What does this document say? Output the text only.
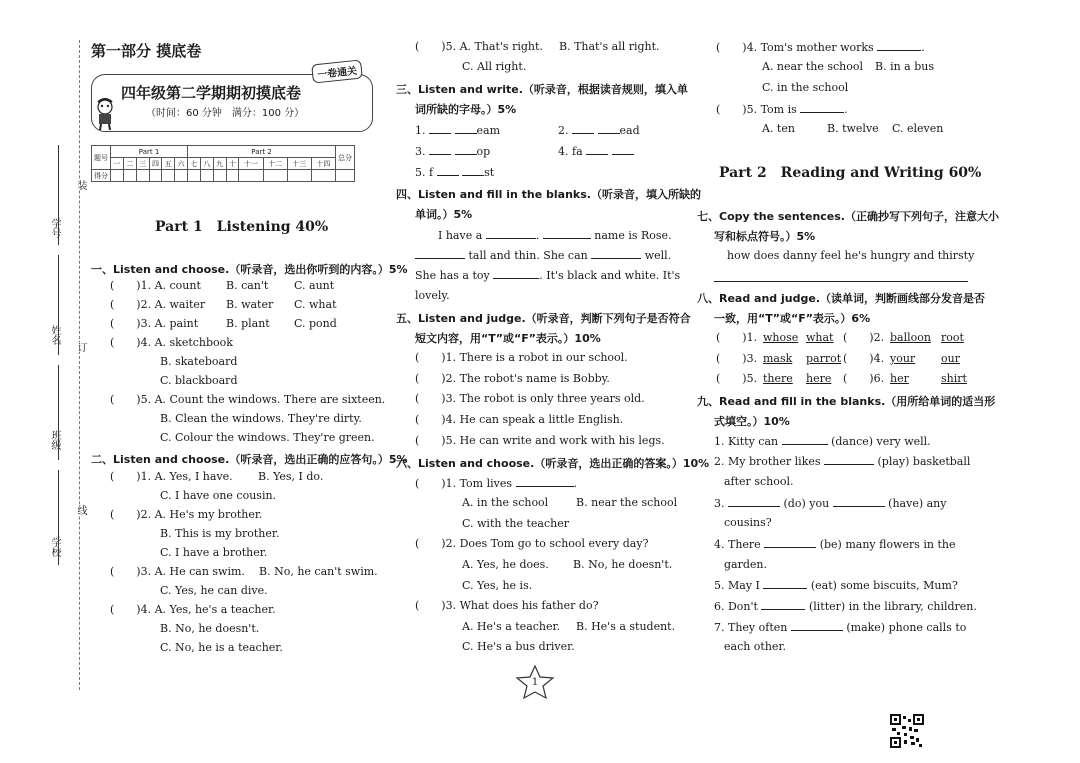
学号
姓名
班级
学校
装
订
线
第一部分 摸底卷
一卷通关
四年级第二学期期初摸底卷
（时间：60 分钟　满分：100 分）
题号	Part 1						Part 2								总分
	一	二	三	四	五	六	七	八	九	十	十一	十二	十三	十四	
得分															
Part 1　Listening 40%
一、Listen and choose.（听录音，选出你听到的内容。）5%
(　　)1. A. count B. can't C. aunt
(　　)2. A. waiter B. water C. what
(　　)3. A. paint	B. plant C. pond
(　　)4. A. sketchbook
B. skateboard
C. blackboard
(　　)5. A. Count the windows. There are sixteen.
B. Clean the windows. They're dirty.
C. Colour the windows. They're green.
二、Listen and choose.（听录音，选出正确的应答句。）5%
(　　)1. A. Yes, I have. B. Yes, I do.
C. I have one cousin.
(　　)2. A. He's my brother.
B. This is my brother.
C. I have a brother.
(　　)3. A. He can swim. B. No, he can't swim.
C. Yes, he can dive.
(　　)4. A. Yes, he's a teacher.
B. No, he doesn't.
C. No, he is a teacher.
(　　)5. A. That's right. B. That's all right.
C. All right.
三、Listen and write.（听录音，根据读音规则，填入单
词所缺的字母。）5%
1.	eam	2.	ead
3.	op	4. fa
5. f	st
四、Listen and fill in the blanks.（听录音，填入所缺的
单词。）5%
I have a	.	name is Rose.
tall and thin. She can	well.
She has a toy	. It's black and white. It's
lovely.
五、Listen and judge.（听录音，判断下列句子是否符合
短文内容，用“T”或“F”表示。）10%
(　　)1. There is a robot in our school.
(　　)2. The robot's name is Bobby.
(　　)3. The robot is only three years old.
(　　)4. He can speak a little English.
(　　)5. He can write and work with his legs.
六、Listen and choose.（听录音，选出正确的答案。）10%
(　　)1. Tom lives	.
A. in the school	B. near the school
C. with the teacher
(　　)2. Does Tom go to school every day?
A. Yes, he does. B. No, he doesn't.
C. Yes, he is.
(　　)3. What does his father do?
A. He's a teacher. B. He's a student.
C. He's a bus driver.
1
(　　)4. Tom's mother works	.
A. near the school B. in a bus
C. in the school
(　　)5. Tom is	.
A. ten	B. twelve C. eleven
Part 2　Reading and Writing 60%
七、Copy the sentences.（正确抄写下列句子，注意大小
写和标点符号。）5%
how does danny feel he's hungry and thirsty
八、Read and judge.（读单词，判断画线部分发音是否
一致，用“T”或“F”表示。）6%
(　　)1. whose what (　　)2. balloon root
(　　)3. mask parrot (　　)4. your our
(　　)5. there here (　　)6. her	shirt
九、Read and fill in the blanks.（用所给单词的适当形
式填空。）10%
1. Kitty can	(dance) very well.
2. My brother likes	(play) basketball
after school.
3.	(do) you	(have) any
cousins?
4. There	(be) many flowers in the
garden.
5. May I	(eat) some biscuits, Mum?
6. Don't	(litter) in the library, children.
7. They often	(make) phone calls to
each other.
